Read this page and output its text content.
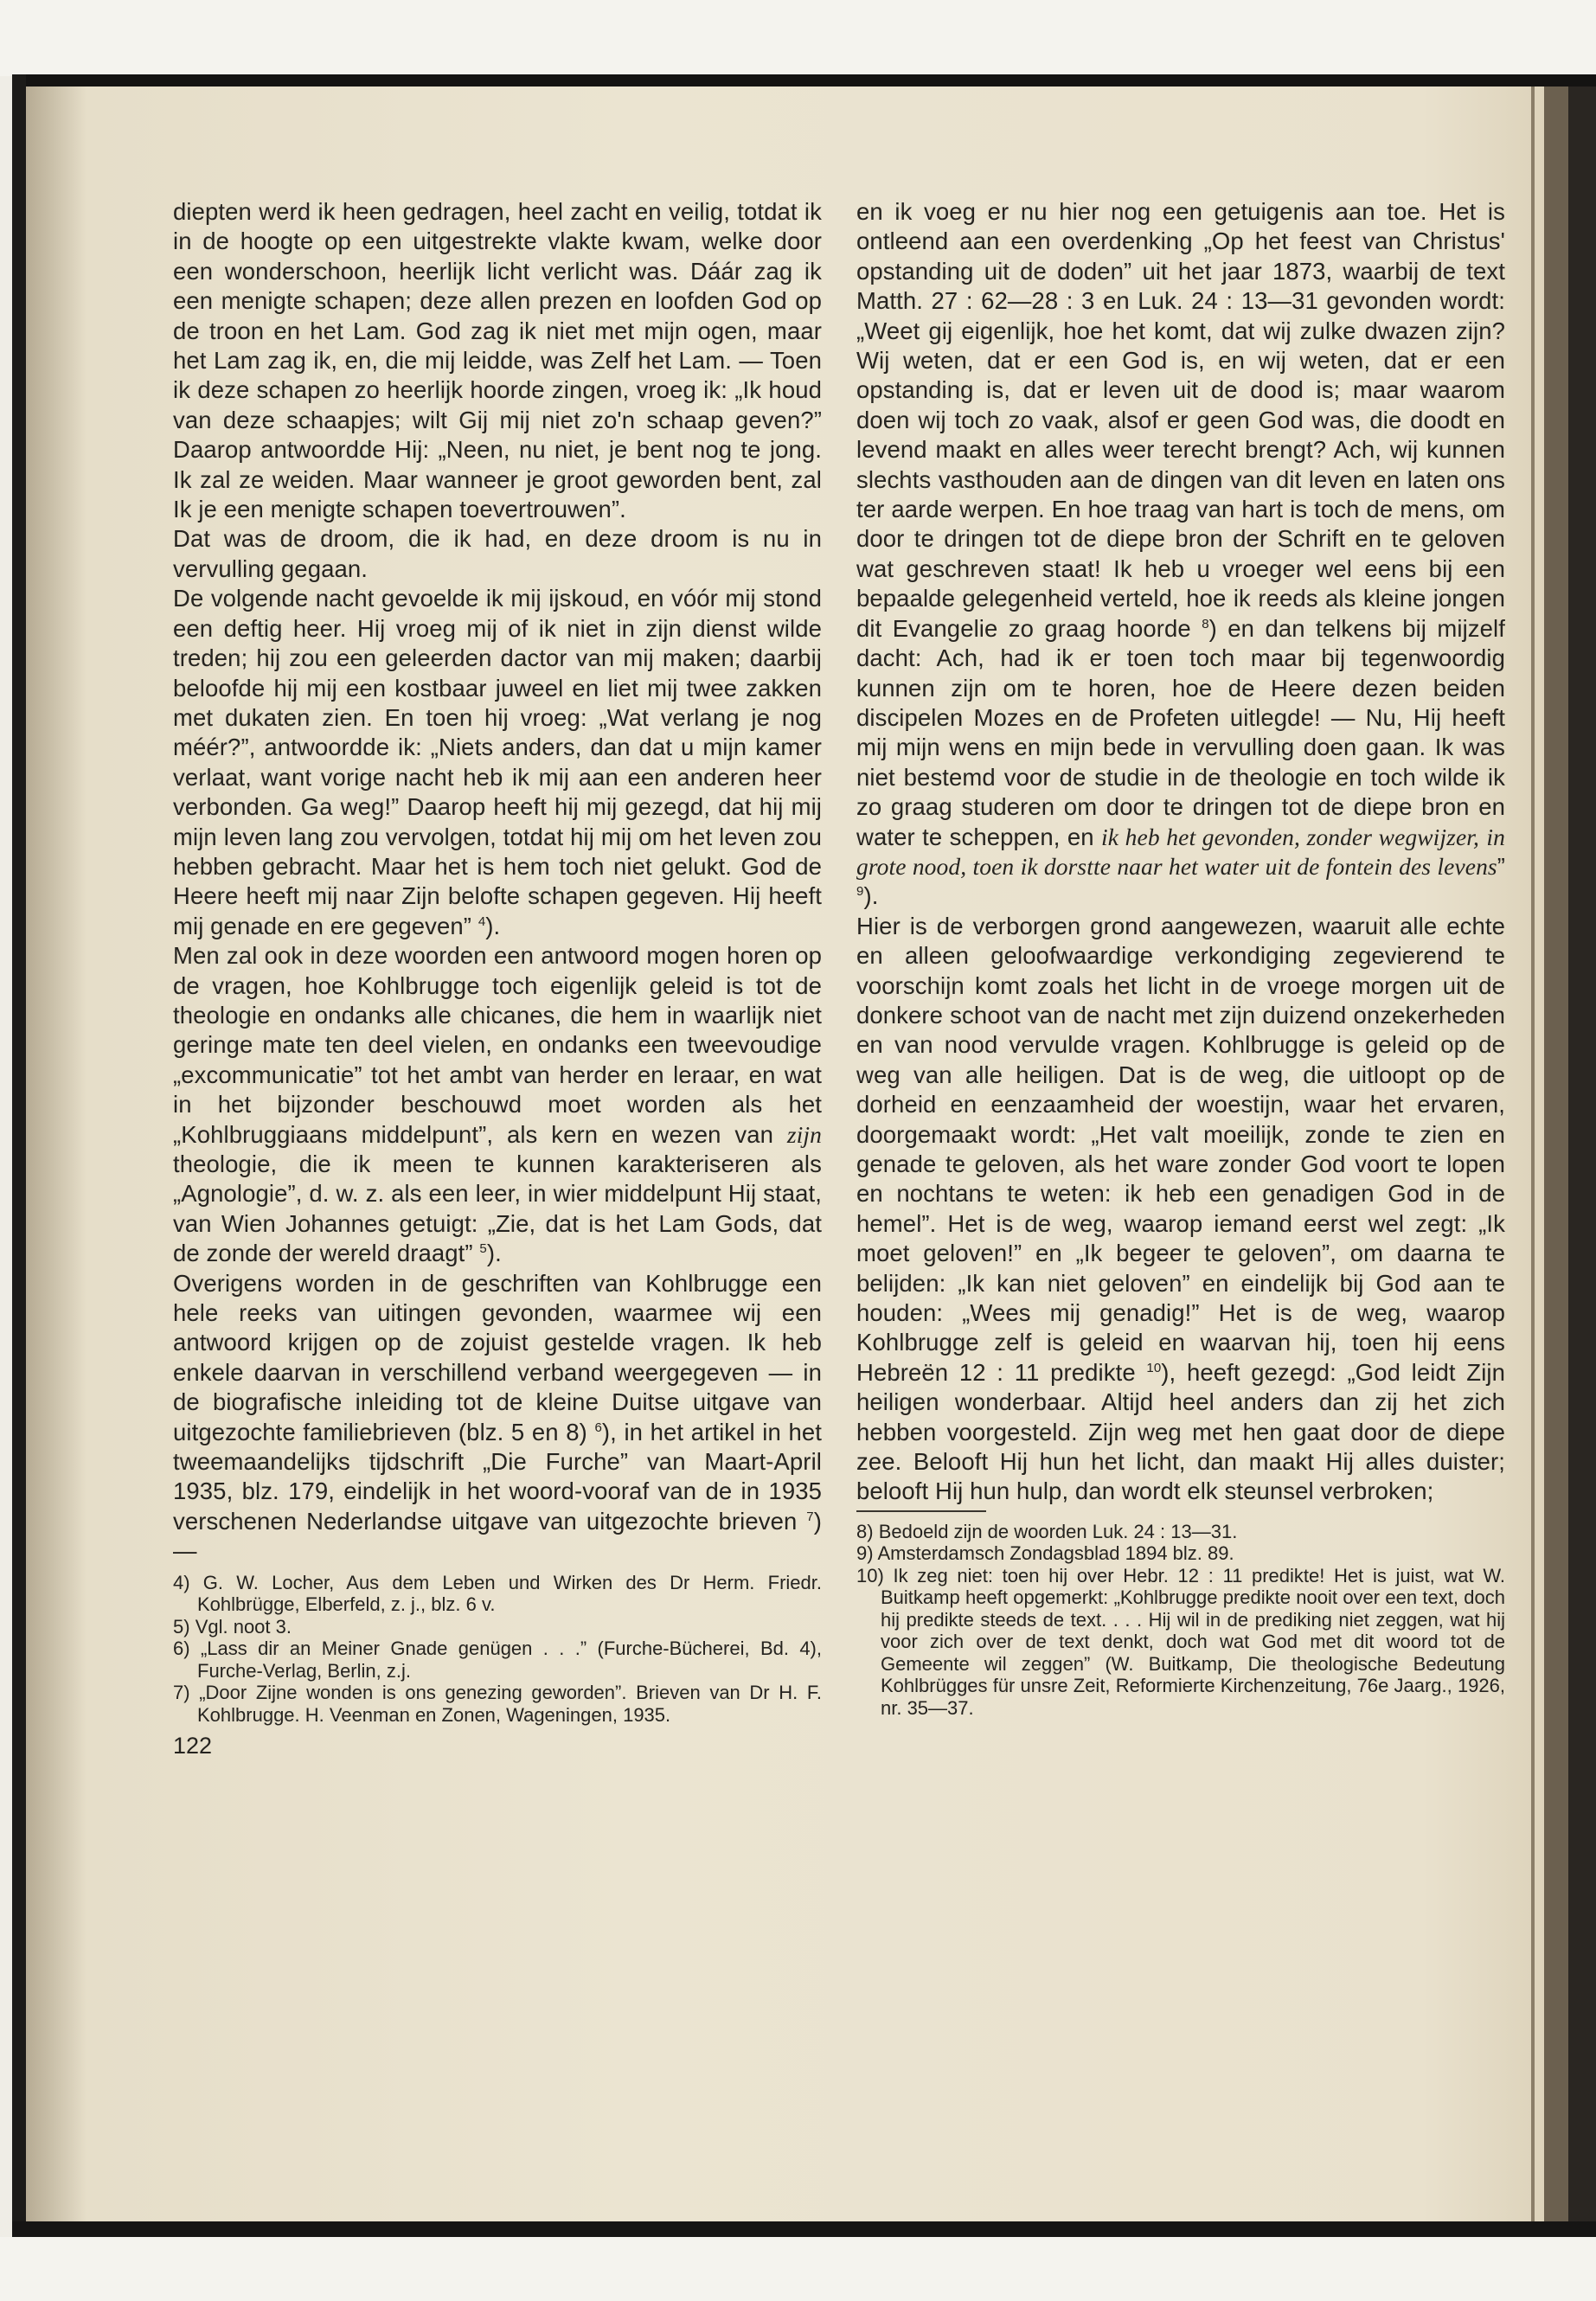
diepten werd ik heen gedragen, heel zacht en veilig, totdat ik in de hoogte op een uitgestrekte vlakte kwam, welke door een wonderschoon, heerlijk licht verlicht was. Dáár zag ik een menigte schapen; deze allen prezen en loofden God op de troon en het Lam. God zag ik niet met mijn ogen, maar het Lam zag ik, en, die mij leidde, was Zelf het Lam. — Toen ik deze schapen zo heerlijk hoorde zingen, vroeg ik: „Ik houd van deze schaapjes; wilt Gij mij niet zo'n schaap geven?” Daarop antwoordde Hij: „Neen, nu niet, je bent nog te jong. Ik zal ze weiden. Maar wanneer je groot geworden bent, zal Ik je een menigte schapen toevertrouwen”.

Dat was de droom, die ik had, en deze droom is nu in vervulling gegaan.

De volgende nacht gevoelde ik mij ijskoud, en vóór mij stond een deftig heer. Hij vroeg mij of ik niet in zijn dienst wilde treden; hij zou een geleerden dactor van mij maken; daarbij beloofde hij mij een kostbaar juweel en liet mij twee zakken met dukaten zien. En toen hij vroeg: „Wat verlang je nog méér?”, antwoordde ik: „Niets anders, dan dat u mijn kamer verlaat, want vorige nacht heb ik mij aan een anderen heer verbonden. Ga weg!” Daarop heeft hij mij gezegd, dat hij mij mijn leven lang zou vervolgen, totdat hij mij om het leven zou hebben gebracht. Maar het is hem toch niet gelukt. God de Heere heeft mij naar Zijn belofte schapen gegeven. Hij heeft mij genade en ere gegeven” $^4$).

Men zal ook in deze woorden een antwoord mogen horen op de vragen, hoe Kohlbrugge toch eigenlijk geleid is tot de theologie en ondanks alle chicanes, die hem in waarlijk niet geringe mate ten deel vielen, en ondanks een tweevoudige „excommunicatie” tot het ambt van herder en leraar, en wat in het bijzonder beschouwd moet worden als het „Kohlbruggiaans middelpunt”, als kern en wezen van zijn theologie, die ik meen te kunnen karakteriseren als „Agnologie”, d. w. z. als een leer, in wier middelpunt Hij staat, van Wien Johannes getuigt: „Zie, dat is het Lam Gods, dat de zonde der wereld draagt” $^5$).

Overigens worden in de geschriften van Kohlbrugge een hele reeks van uitingen gevonden, waarmee wij een antwoord krijgen op de zojuist gestelde vragen. Ik heb enkele daarvan in verschillend verband weergegeven — in de biografische inleiding tot de kleine Duitse uitgave van uitgezochte familiebrieven (blz. 5 en 8) $^6$), in het artikel in het tweemaandelijks tijdschrift „Die Furche” van Maart-April 1935, blz. 179, eindelijk in het woord-vooraf van de in 1935 verschenen Nederlandse uitgave van uitgezochte brieven $^7$) —

4) G. W. Locher, Aus dem Leben und Wirken des Dr Herm. Friedr. Kohlbrügge, Elberfeld, z. j., blz. 6 v.

5) Vgl. noot 3.

6) „Lass dir an Meiner Gnade genügen . . .” (Furche-Bücherei, Bd. 4), Furche-Verlag, Berlin, z.j.

7) „Door Zijne wonden is ons genezing geworden”. Brieven van Dr H. F. Kohlbrugge. H. Veenman en Zonen, Wageningen, 1935.

122

en ik voeg er nu hier nog een getuigenis aan toe. Het is ontleend aan een overdenking „Op het feest van Christus' opstanding uit de doden” uit het jaar 1873, waarbij de text Matth. 27 : 62—28 : 3 en Luk. 24 : 13—31 gevonden wordt: „Weet gij eigenlijk, hoe het komt, dat wij zulke dwazen zijn? Wij weten, dat er een God is, en wij weten, dat er een opstanding is, dat er leven uit de dood is; maar waarom doen wij toch zo vaak, alsof er geen God was, die doodt en levend maakt en alles weer terecht brengt? Ach, wij kunnen slechts vasthouden aan de dingen van dit leven en laten ons ter aarde werpen. En hoe traag van hart is toch de mens, om door te dringen tot de diepe bron der Schrift en te geloven wat geschreven staat! Ik heb u vroeger wel eens bij een bepaalde gelegenheid verteld, hoe ik reeds als kleine jongen dit Evangelie zo graag hoorde $^8$) en dan telkens bij mijzelf dacht: Ach, had ik er toen toch maar bij tegenwoordig kunnen zijn om te horen, hoe de Heere dezen beiden discipelen Mozes en de Profeten uitlegde! — Nu, Hij heeft mij mijn wens en mijn bede in vervulling doen gaan. Ik was niet bestemd voor de studie in de theologie en toch wilde ik zo graag studeren om door te dringen tot de diepe bron en water te scheppen, en ik heb het gevonden, zonder wegwijzer, in grote nood, toen ik dorstte naar het water uit de fontein des levens” $^9$).

Hier is de verborgen grond aangewezen, waaruit alle echte en alleen geloofwaardige verkondiging zegevierend te voorschijn komt zoals het licht in de vroege morgen uit de donkere schoot van de nacht met zijn duizend onzekerheden en van nood vervulde vragen. Kohlbrugge is geleid op de weg van alle heiligen. Dat is de weg, die uitloopt op de dorheid en eenzaamheid der woestijn, waar het ervaren, doorgemaakt wordt: „Het valt moeilijk, zonde te zien en genade te geloven, als het ware zonder God voort te lopen en nochtans te weten: ik heb een genadigen God in de hemel”. Het is de weg, waarop iemand eerst wel zegt: „Ik moet geloven!” en „Ik begeer te geloven”, om daarna te belijden: „Ik kan niet geloven” en eindelijk bij God aan te houden: „Wees mij genadig!” Het is de weg, waarop Kohlbrugge zelf is geleid en waarvan hij, toen hij eens Hebreën 12 : 11 predikte $^{10}$), heeft gezegd: „God leidt Zijn heiligen wonderbaar. Altijd heel anders dan zij het zich hebben voorgesteld. Zijn weg met hen gaat door de diepe zee. Belooft Hij hun het licht, dan maakt Hij alles duister; belooft Hij hun hulp, dan wordt elk steunsel verbroken;

8) Bedoeld zijn de woorden Luk. 24 : 13—31.

9) Amsterdamsch Zondagsblad 1894 blz. 89.

10) Ik zeg niet: toen hij over Hebr. 12 : 11 predikte! Het is juist, wat W. Buitkamp heeft opgemerkt: „Kohlbrugge predikte nooit over een text, doch hij predikte steeds de text. . . . Hij wil in de prediking niet zeggen, wat hij voor zich over de text denkt, doch wat God met dit woord tot de Gemeente wil zeggen” (W. Buitkamp, Die theologische Bedeutung Kohlbrügges für unsre Zeit, Reformierte Kirchenzeitung, 76e Jaarg., 1926, nr. 35—37.
